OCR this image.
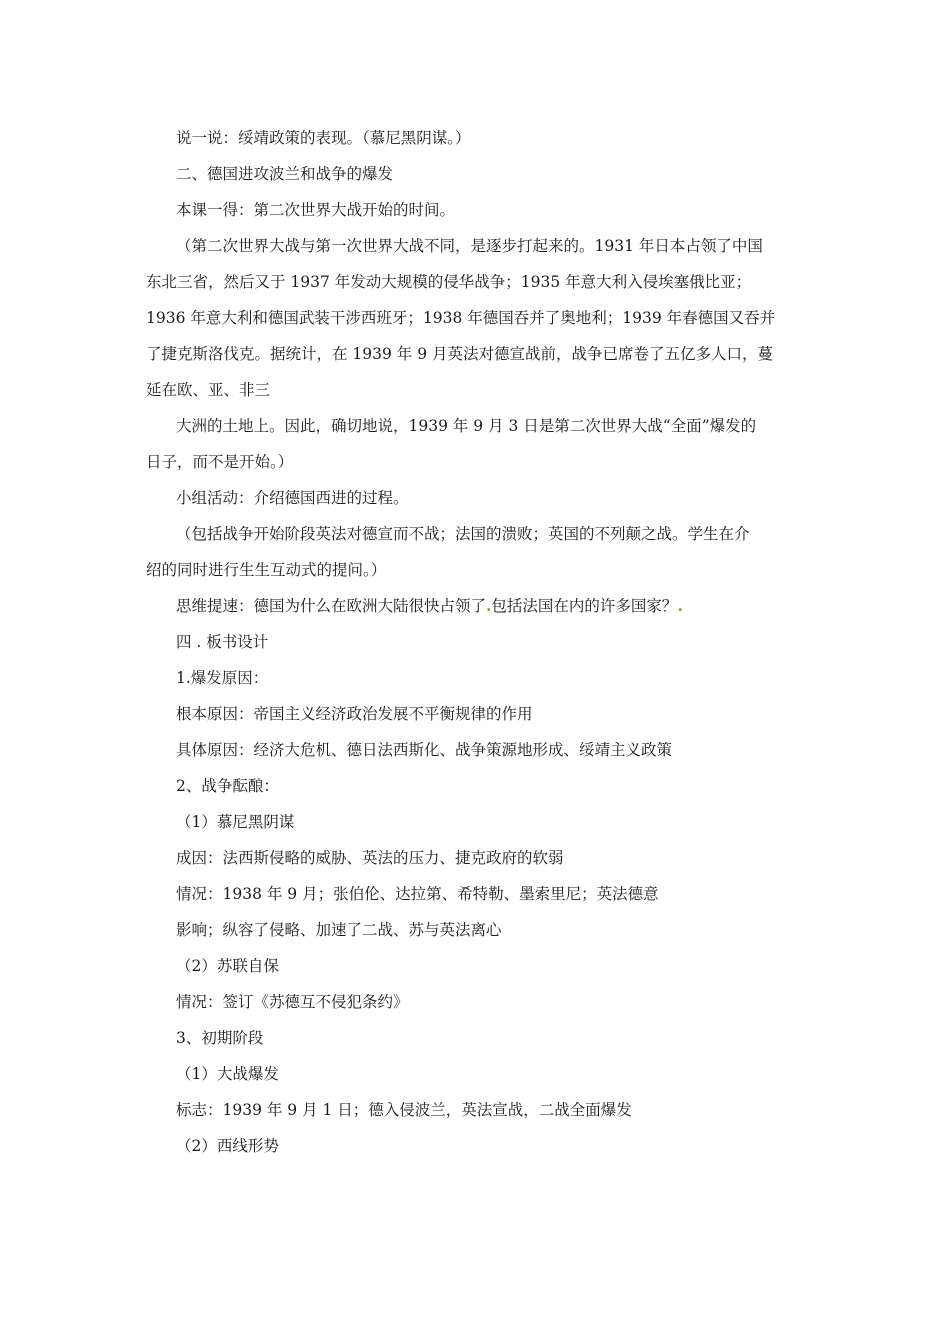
说一说：绥靖政策的表现。（慕尼黑阴谋。）
二、德国进攻波兰和战争的爆发
本课一得：第二次世界大战开始的时间。
（第二次世界大战与第一次世界大战不同，是逐步打起来的。1931 年日本占领了中国
东北三省，然后又于 1937 年发动大规模的侵华战争；1935 年意大利入侵埃塞俄比亚；
1936 年意大利和德国武装干涉西班牙；1938 年德国吞并了奥地利；1939 年春德国又吞并
了捷克斯洛伐克。据统计，在 1939 年 9 月英法对德宣战前，战争已席卷了五亿多人口，蔓
延在欧、亚、非三
大洲的土地上。因此，确切地说，1939 年 9 月 3 日是第二次世界大战“全面”爆发的
日子，而不是开始。）
小组活动：介绍德国西进的过程。
（包括战争开始阶段英法对德宣而不战；法国的溃败；英国的不列颠之战。学生在介
绍的同时进行生生互动式的提问。）
思维提速：德国为什么在欧洲大陆很快占领了.包括法国在内的许多国家？.
四 . 板书设计
1.爆发原因：
根本原因：帝国主义经济政治发展不平衡规律的作用
具体原因：经济大危机、德日法西斯化、战争策源地形成、绥靖主义政策
2、战争酝酿：
（1）慕尼黑阴谋
成因：法西斯侵略的威胁、英法的压力、捷克政府的软弱
情况：1938 年 9 月；张伯伦、达拉第、希特勒、墨索里尼；英法德意
影响；纵容了侵略、加速了二战、苏与英法离心
（2）苏联自保
情况：签订《苏德互不侵犯条约》
3、初期阶段
（1）大战爆发
标志：1939 年 9 月 1 日；德入侵波兰，英法宣战，二战全面爆发
（2）西线形势
